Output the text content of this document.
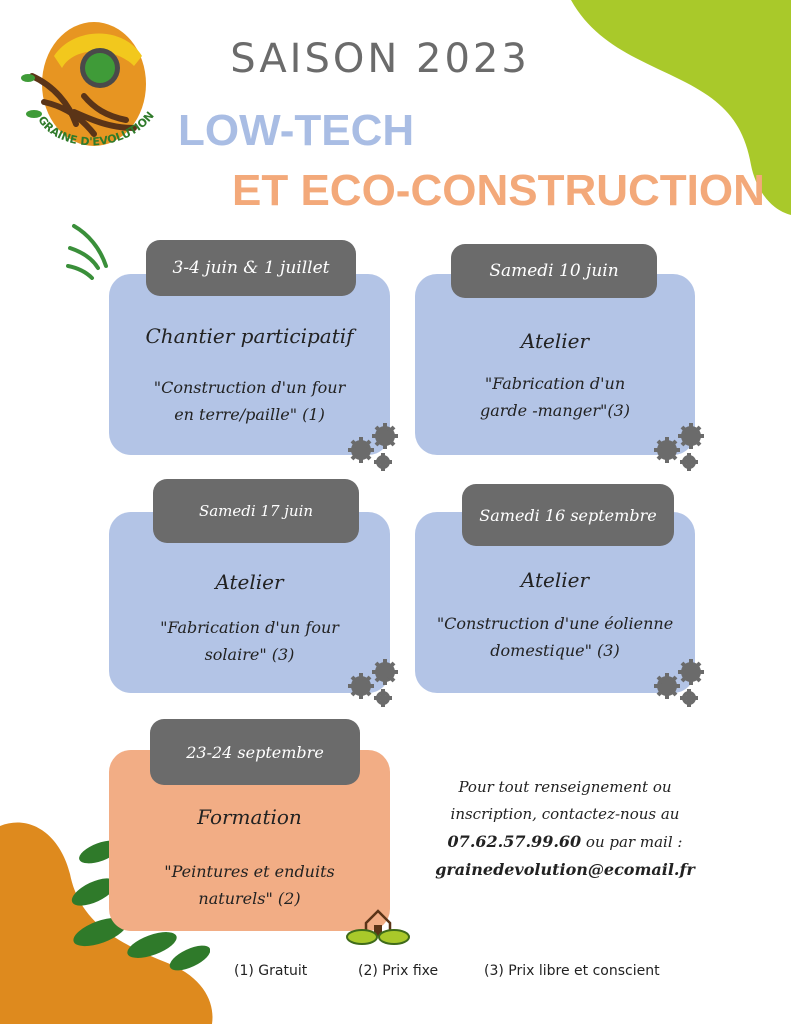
GRAINE D'EVOLUTION
SAISON 2023
LOW-TECH
ET ECO-CONSTRUCTION
Chantier participatif
"Construction d'un four
en terre/paille" (1)
3-4 juin & 1 juillet
Atelier
"Fabrication d'un
garde -manger"(3)
Samedi 10 juin
Atelier
"Fabrication d'un four
solaire" (3)
Samedi 17 juin
Atelier
"Construction d'une éolienne
domestique" (3)
Samedi 16 septembre
Formation
"Peintures et enduits
naturels" (2)
23-24 septembre
Pour tout renseignement ou
inscription, contactez-nous au
07.62.57.99.60 ou par mail :
grainedevolution@ecomail.fr
(1) Gratuit	(2) Prix fixe	(3) Prix libre et conscient
